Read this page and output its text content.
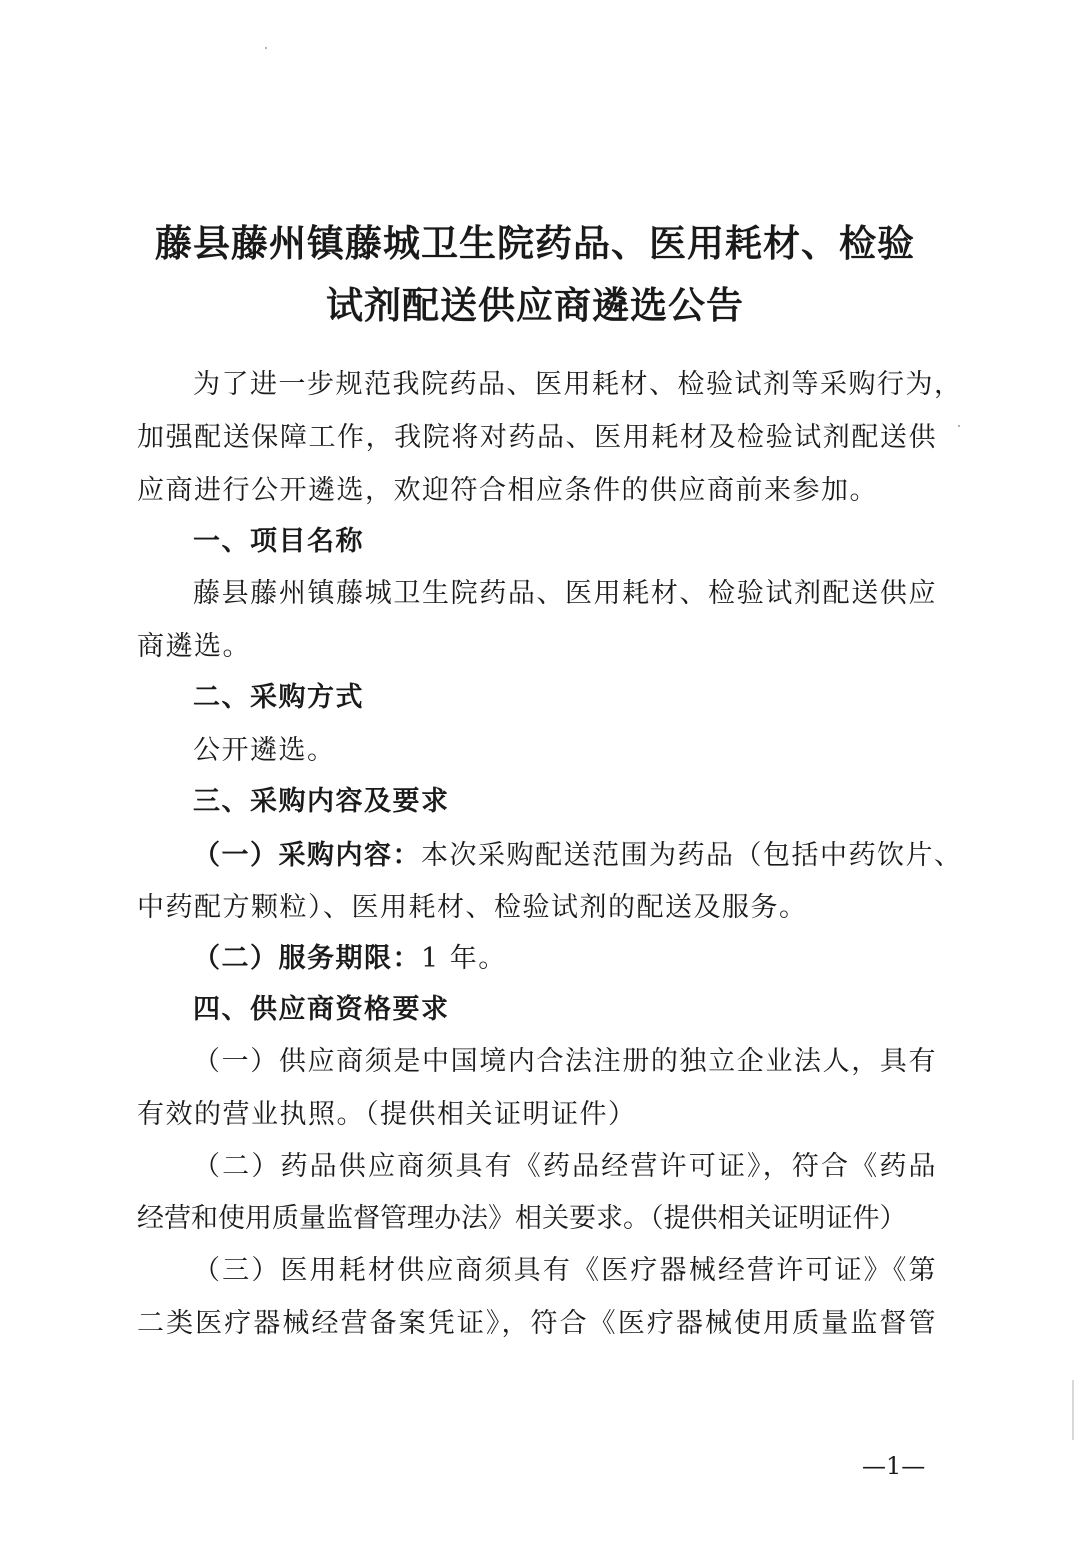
藤县藤州镇藤城卫生院药品、医用耗材、检验
试剂配送供应商遴选公告

为了进一步规范我院药品、医用耗材、检验试剂等采购行为，

加强配送保障工作，我院将对药品、医用耗材及检验试剂配送供

应商进行公开遴选，欢迎符合相应条件的供应商前来参加。

一、项目名称

藤县藤州镇藤城卫生院药品、医用耗材、检验试剂配送供应

商遴选。

二、采购方式

公开遴选。

三、采购内容及要求

（一）采购内容：本次采购配送范围为药品（包括中药饮片、

中药配方颗粒）、医用耗材、检验试剂的配送及服务。

（二）服务期限：1 年。

四、供应商资格要求

（一）供应商须是中国境内合法注册的独立企业法人，具有

有效的营业执照。（提供相关证明证件）

（二）药品供应商须具有《药品经营许可证》，符合《药品

经营和使用质量监督管理办法》相关要求。（提供相关证明证件）

（三）医用耗材供应商须具有《医疗器械经营许可证》《第

二类医疗器械经营备案凭证》，符合《医疗器械使用质量监督管

—1—
